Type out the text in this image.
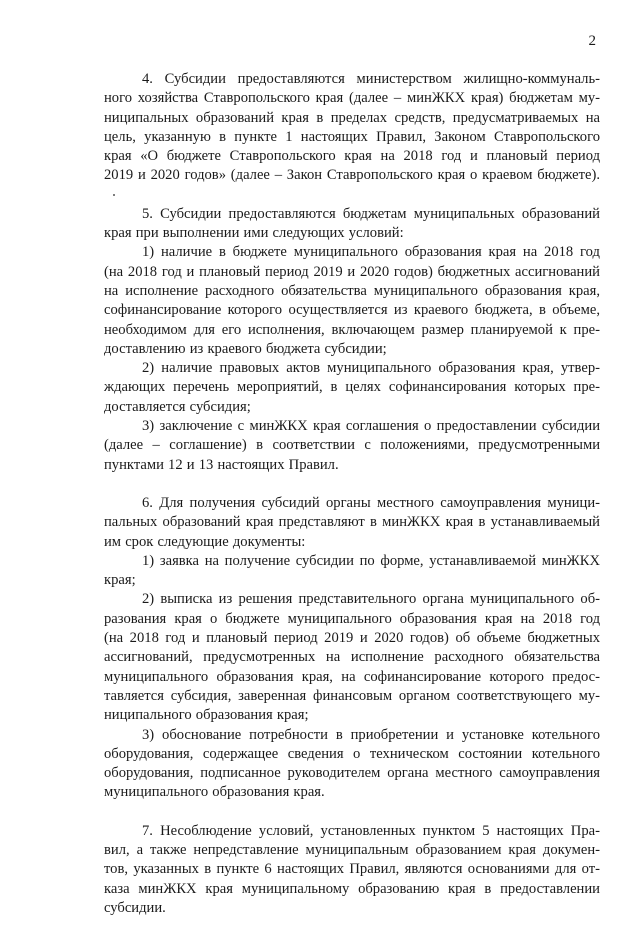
2
4. Субсидии предоставляются министерством жилищно-коммуналь-
ного хозяйства Ставропольского края (далее – минЖКХ края) бюджетам му-
ниципальных образований края в пределах средств, предусматриваемых на
цель, указанную в пункте 1 настоящих Правил, Законом Ставропольского
края «О бюджете Ставропольского края на 2018 год и плановый период
2019 и 2020 годов» (далее – Закон Ставропольского края о краевом бюджете).
5. Субсидии предоставляются бюджетам муниципальных образований
края при выполнении ими следующих условий:
1) наличие в бюджете муниципального образования края на 2018 год
(на 2018 год и плановый период 2019 и 2020 годов) бюджетных ассигнований
на исполнение расходного обязательства муниципального образования края,
софинансирование которого осуществляется из краевого бюджета, в объеме,
необходимом для его исполнения, включающем размер планируемой к пре-
доставлению из краевого бюджета субсидии;
2) наличие правовых актов муниципального образования края, утвер-
ждающих перечень мероприятий, в целях софинансирования которых пре-
доставляется субсидия;
3) заключение с минЖКХ края соглашения о предоставлении субсидии
(далее – соглашение) в соответствии с положениями, предусмотренными
пунктами 12 и 13 настоящих Правил.
6. Для получения субсидий органы местного самоуправления муници-
пальных образований края представляют в минЖКХ края в устанавливаемый
им срок следующие документы:
1) заявка на получение субсидии по форме, устанавливаемой минЖКХ
края;
2) выписка из решения представительного органа муниципального об-
разования края о бюджете муниципального образования края на 2018 год
(на 2018 год и плановый период 2019 и 2020 годов) об объеме бюджетных
ассигнований, предусмотренных на исполнение расходного обязательства
муниципального образования края, на софинансирование которого предос-
тавляется субсидия, заверенная финансовым органом соответствующего му-
ниципального образования края;
3) обоснование потребности в приобретении и установке котельного
оборудования, содержащее сведения о техническом состоянии котельного
оборудования, подписанное руководителем органа местного самоуправления
муниципального образования края.
7. Несоблюдение условий, установленных пунктом 5 настоящих Пра-
вил, а также непредставление муниципальным образованием края докумен-
тов, указанных в пункте 6 настоящих Правил, являются основаниями для от-
каза минЖКХ края муниципальному образованию края в предоставлении
субсидии.
